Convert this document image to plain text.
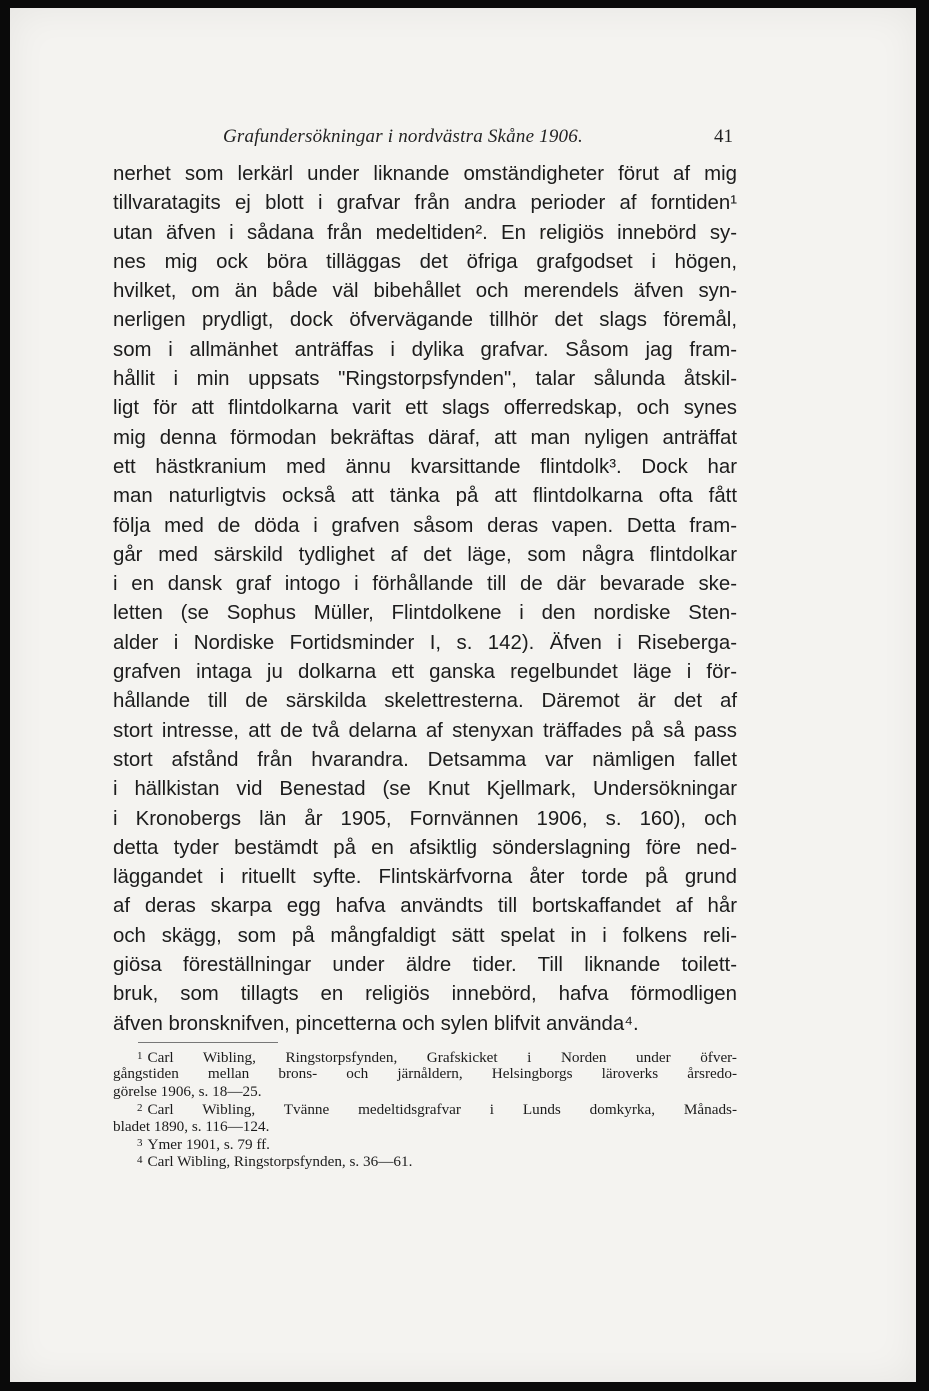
Grafundersökningar i nordvästra Skåne 1906.	41
nerhet som lerkärl under liknande omständigheter förut af mig
tillvaratagits ej blott i grafvar från andra perioder af forntiden¹
utan äfven i sådana från medeltiden². En religiös innebörd sy-
nes mig ock böra tilläggas det öfriga grafgodset i högen,
hvilket, om än både väl bibehållet och merendels äfven syn-
nerligen prydligt, dock öfvervägande tillhör det slags föremål,
som i allmänhet anträffas i dylika grafvar. Såsom jag fram-
hållit i min uppsats "Ringstorpsfynden", talar sålunda åtskil-
ligt för att flintdolkarna varit ett slags offerredskap, och synes
mig denna förmodan bekräftas däraf, att man nyligen anträffat
ett hästkranium med ännu kvarsittande flintdolk³. Dock har
man naturligtvis också att tänka på att flintdolkarna ofta fått
följa med de döda i grafven såsom deras vapen. Detta fram-
går med särskild tydlighet af det läge, som några flintdolkar
i en dansk graf intogo i förhållande till de där bevarade ske-
letten (se Sophus Müller, Flintdolkene i den nordiske Sten-
alder i Nordiske Fortidsminder I, s. 142). Äfven i Riseberga-
grafven intaga ju dolkarna ett ganska regelbundet läge i för-
hållande till de särskilda skelettresterna. Däremot är det af
stort intresse, att de två delarna af stenyxan träffades på så pass
stort afstånd från hvarandra. Detsamma var nämligen fallet
i hällkistan vid Benestad (se Knut Kjellmark, Undersökningar
i Kronobergs län år 1905, Fornvännen 1906, s. 160), och
detta tyder bestämdt på en afsiktlig sönderslagning före ned-
läggandet i rituellt syfte. Flintskärfvorna åter torde på grund
af deras skarpa egg hafva användts till bortskaffandet af hår
och skägg, som på mångfaldigt sätt spelat in i folkens reli-
giösa föreställningar under äldre tider. Till liknande toilett-
bruk, som tillagts en religiös innebörd, hafva förmodligen
äfven bronsknifven, pincetterna och sylen blifvit använda⁴.
1 Carl Wibling, Ringstorpsfynden, Grafskicket i Norden under öfver-
gångstiden mellan brons- och järnåldern, Helsingborgs läroverks årsredo-
görelse 1906, s. 18—25.
2 Carl Wibling, Tvänne medeltidsgrafvar i Lunds domkyrka, Månads-
bladet 1890, s. 116—124.
3 Ymer 1901, s. 79 ff.
4 Carl Wibling, Ringstorpsfynden, s. 36—61.
